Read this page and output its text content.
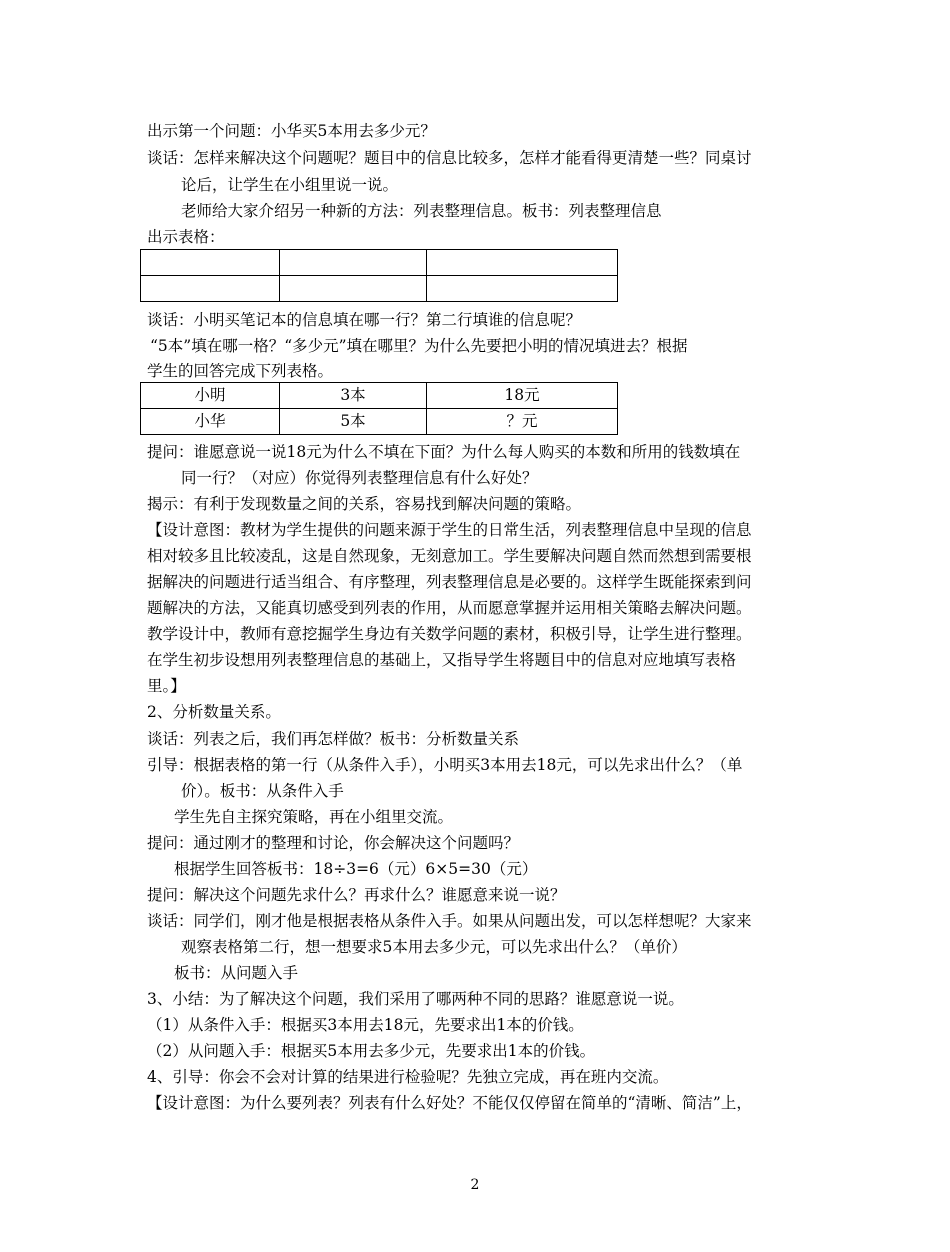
出示第一个问题：小华买5本用去多少元？
谈话：怎样来解决这个问题呢？题目中的信息比较多，怎样才能看得更清楚一些？同桌讨
论后，让学生在小组里说一说。
老师给大家介绍另一种新的方法：列表整理信息。板书：列表整理信息
出示表格：

谈话：小明买笔记本的信息填在哪一行？第二行填谁的信息呢？
“5本”填在哪一格？“多少元”填在哪里？为什么先要把小明的情况填进去？根据
学生的回答完成下列表格。
小明	3本	18元
小华	5本	？元
提问：谁愿意说一说18元为什么不填在下面？为什么每人购买的本数和所用的钱数填在
同一行？（对应）你觉得列表整理信息有什么好处？
揭示：有利于发现数量之间的关系，容易找到解决问题的策略。
【设计意图：教材为学生提供的问题来源于学生的日常生活，列表整理信息中呈现的信息
相对较多且比较凌乱，这是自然现象，无刻意加工。学生要解决问题自然而然想到需要根
据解决的问题进行适当组合、有序整理，列表整理信息是必要的。这样学生既能探索到问
题解决的方法，又能真切感受到列表的作用，从而愿意掌握并运用相关策略去解决问题。
教学设计中，教师有意挖掘学生身边有关数学问题的素材，积极引导，让学生进行整理。
在学生初步设想用列表整理信息的基础上，又指导学生将题目中的信息对应地填写表格
里。】
2、分析数量关系。
谈话：列表之后，我们再怎样做？板书：分析数量关系
引导：根据表格的第一行（从条件入手），小明买3本用去18元，可以先求出什么？（单
价）。板书：从条件入手
学生先自主探究策略，再在小组里交流。
提问：通过刚才的整理和讨论，你会解决这个问题吗？
根据学生回答板书：18÷3=6（元）6×5=30（元）
提问：解决这个问题先求什么？再求什么？谁愿意来说一说？
谈话：同学们，刚才他是根据表格从条件入手。如果从问题出发，可以怎样想呢？大家来
观察表格第二行，想一想要求5本用去多少元，可以先求出什么？（单价）
板书：从问题入手
3、小结：为了解决这个问题，我们采用了哪两种不同的思路？谁愿意说一说。
（1）从条件入手：根据买3本用去18元，先要求出1本的价钱。
（2）从问题入手：根据买5本用去多少元，先要求出1本的价钱。
4、引导：你会不会对计算的结果进行检验呢？先独立完成，再在班内交流。
【设计意图：为什么要列表？列表有什么好处？不能仅仅停留在简单的“清晰、简洁”上，
2
